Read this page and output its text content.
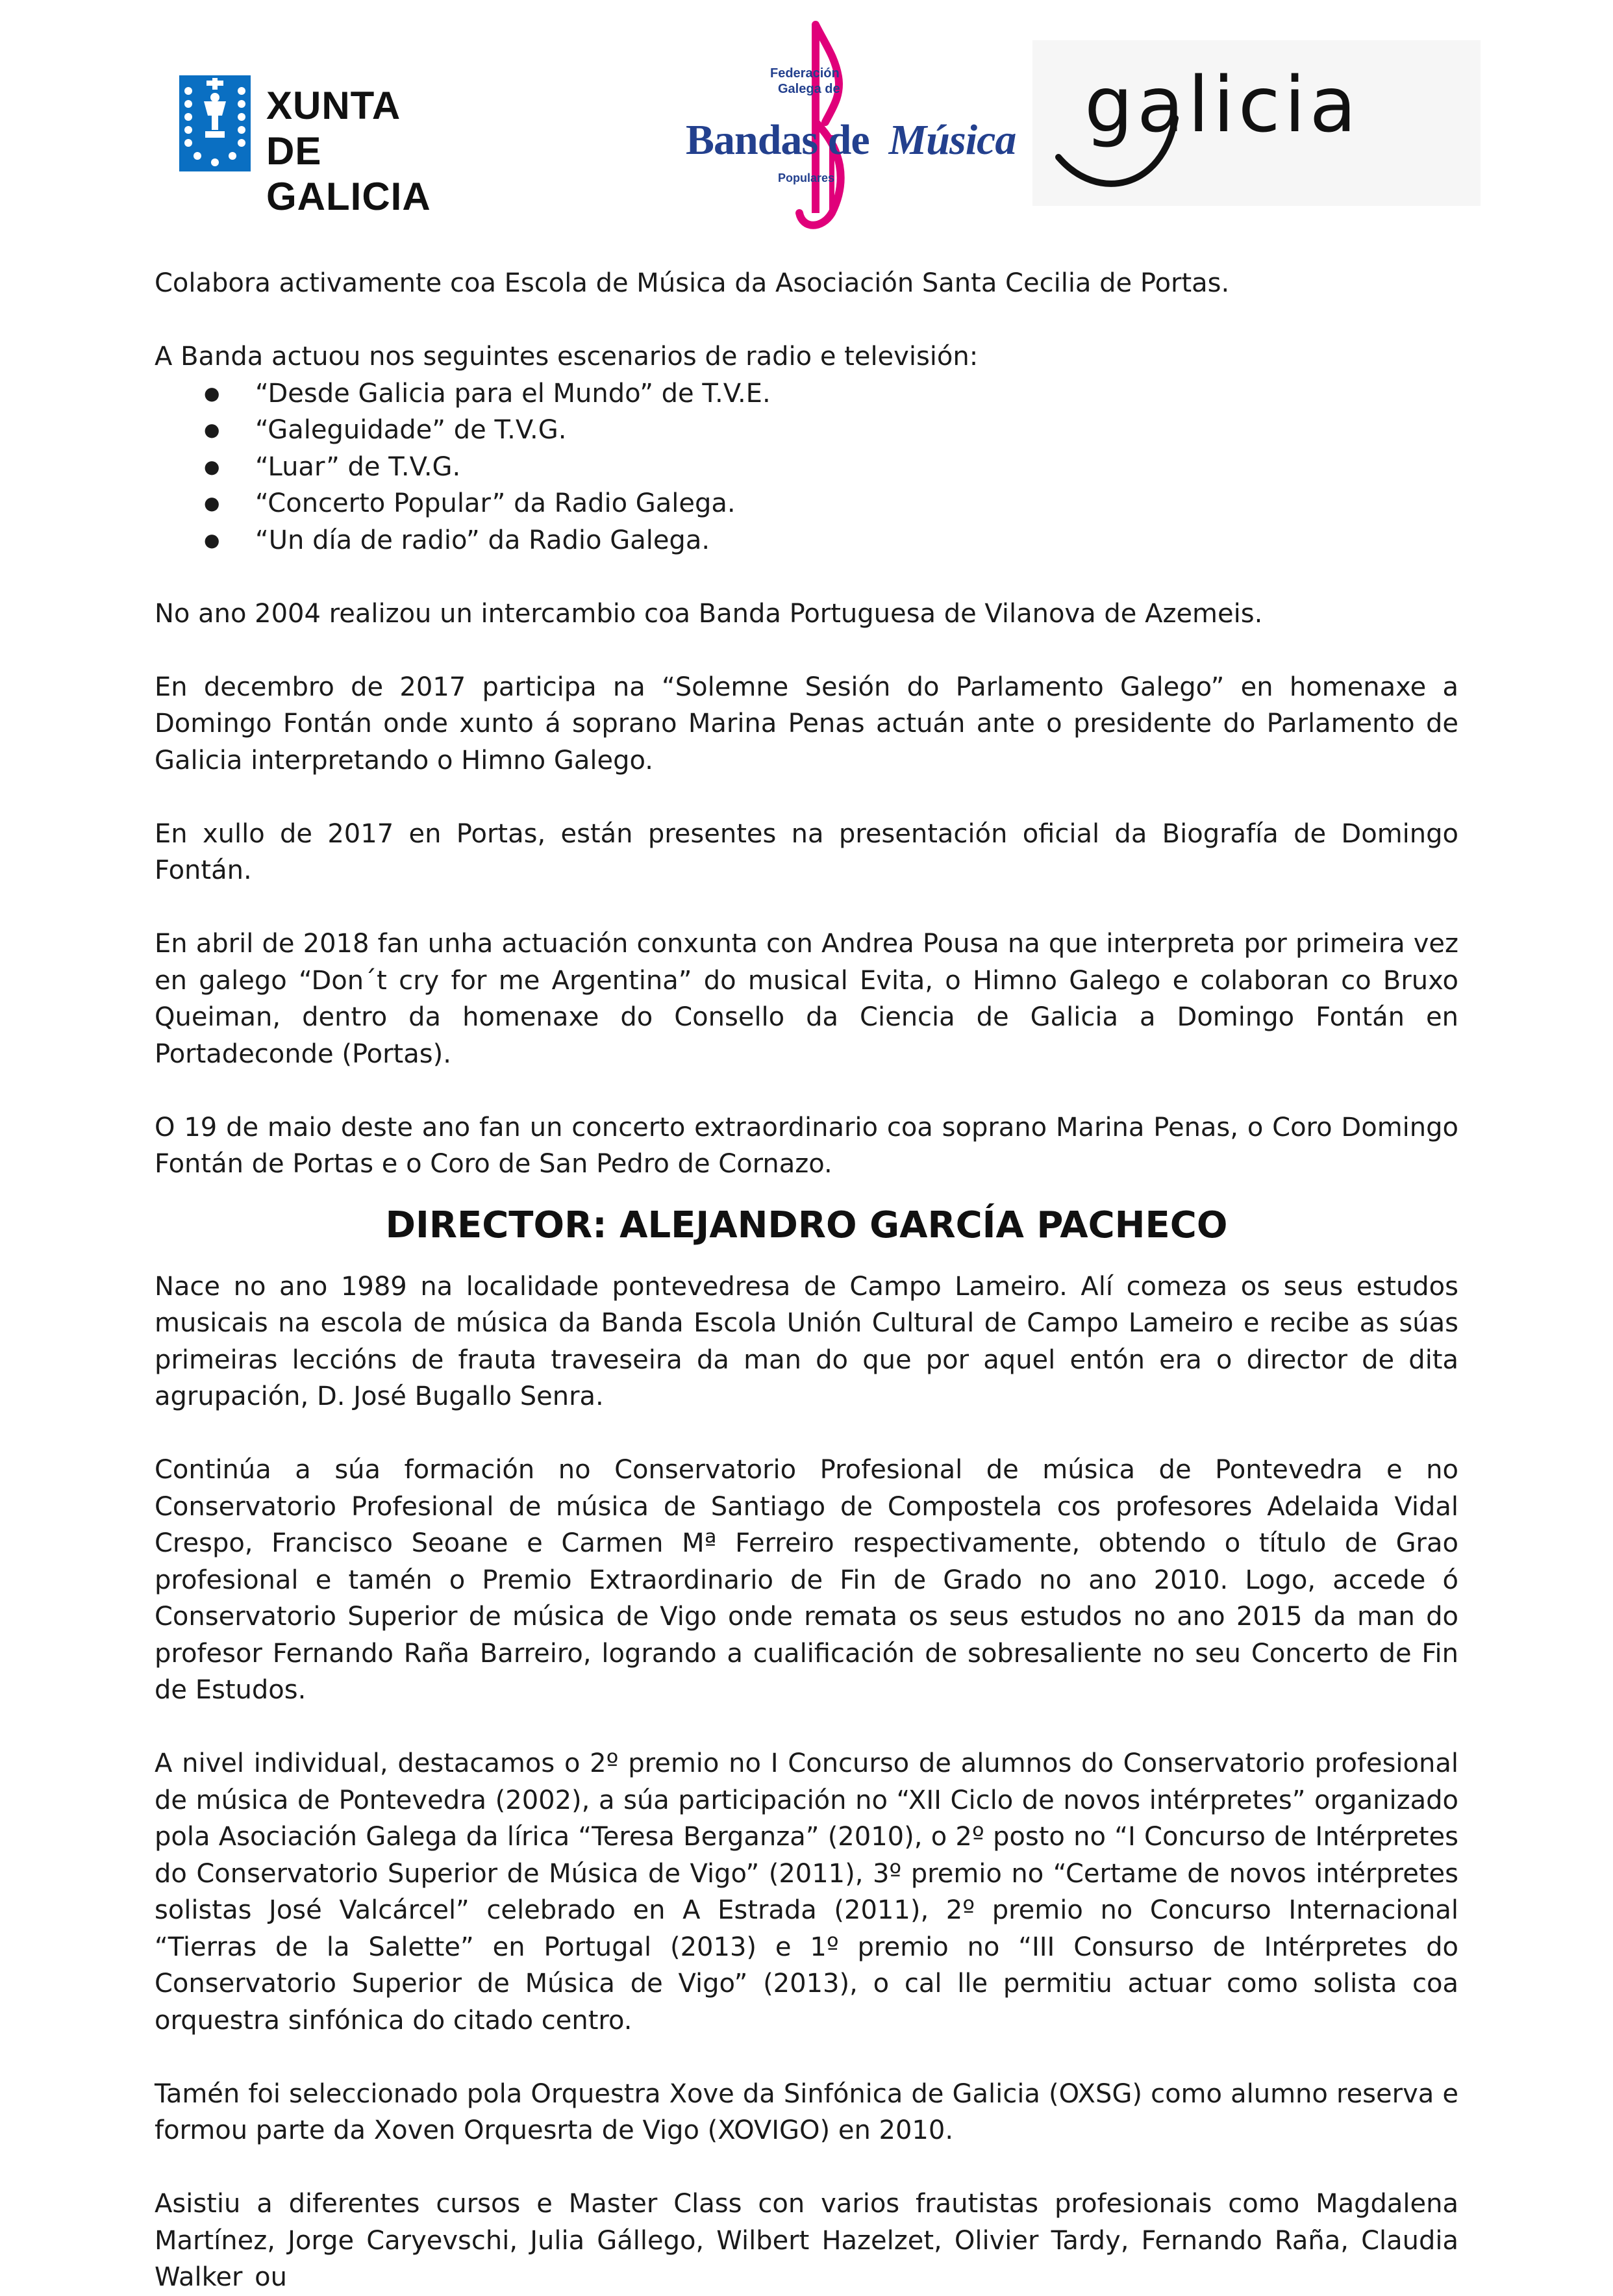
XUNTA
DE GALICIA
Federación
Galega de
Bandas de Música
Populares
galicia

Colabora activamente coa Escola de Música da Asociación Santa Cecilia de Portas.

A Banda actuou nos seguintes escenarios de radio e televisión:

● “Desde Galicia para el Mundo” de T.V.E.
● “Galeguidade” de T.V.G.
● “Luar” de T.V.G.
● “Concerto Popular” da Radio Galega.
● “Un día de radio” da Radio Galega.

No ano 2004 realizou un intercambio coa Banda Portuguesa de Vilanova de Azemeis.

En decembro de 2017 participa na “Solemne Sesión do Parlamento Galego” en homenaxe a Domingo Fontán onde xunto á soprano Marina Penas actuán ante o presidente do Parlamento de Galicia interpretando o Himno Galego.

En xullo de 2017 en Portas, están presentes na presentación oficial da Biografía de Domingo Fontán.

En abril de 2018 fan unha actuación conxunta con Andrea Pousa na que interpreta por primeira vez en galego “Don´t cry for me Argentina” do musical Evita, o Himno Galego e colaboran co Bruxo Queiman, dentro da homenaxe do Consello da Ciencia de Galicia a Domingo Fontán en Portadeconde (Portas).

O 19 de maio deste ano fan un concerto extraordinario coa soprano Marina Penas, o Coro Domingo Fontán de Portas e o Coro de San Pedro de Cornazo.

DIRECTOR: ALEJANDRO GARCÍA PACHECO

Nace no ano 1989 na localidade pontevedresa de Campo Lameiro. Alí comeza os seus estudos musicais na escola de música da Banda Escola Unión Cultural de Campo Lameiro e recibe as súas primeiras leccións de frauta traveseira da man do que por aquel entón era o director de dita agrupación, D. José Bugallo Senra.

Continúa a súa formación no Conservatorio Profesional de música de Pontevedra e no Conservatorio Profesional de música de Santiago de Compostela cos profesores Adelaida Vidal Crespo, Francisco Seoane e Carmen Mª Ferreiro respectivamente, obtendo o título de Grao profesional e tamén o Premio Extraordinario de Fin de Grado no ano 2010. Logo, accede ó Conservatorio Superior de música de Vigo onde remata os seus estudos no ano 2015 da man do profesor Fernando Raña Barreiro, logrando a cualificación de sobresaliente no seu Concerto de Fin de Estudos.

A nivel individual, destacamos o 2º premio no I Concurso de alumnos do Conservatorio profesional de música de Pontevedra (2002), a súa participación no “XII Ciclo de novos intérpretes” organizado pola Asociación Galega da lírica “Teresa Berganza” (2010), o 2º posto no “I Concurso de Intérpretes do Conservatorio Superior de Música de Vigo” (2011), 3º premio no “Certame de novos intérpretes solistas José Valcárcel” celebrado en A Estrada (2011), 2º premio no Concurso Internacional “Tierras de la Salette” en Portugal (2013) e 1º premio no “III Consurso de Intérpretes do Conservatorio Superior de Música de Vigo” (2013), o cal lle permitiu actuar como solista coa orquestra sinfónica do citado centro.

Tamén foi seleccionado pola Orquestra Xove da Sinfónica de Galicia (OXSG) como alumno reserva e formou parte da Xoven Orquesrta de Vigo (XOVIGO) en 2010.

Asistiu a diferentes cursos e Master Class con varios frautistas profesionais como Magdalena Martínez, Jorge Caryevschi, Julia Gállego, Wilbert Hazelzet, Olivier Tardy, Fernando Raña, Claudia Walker ou
